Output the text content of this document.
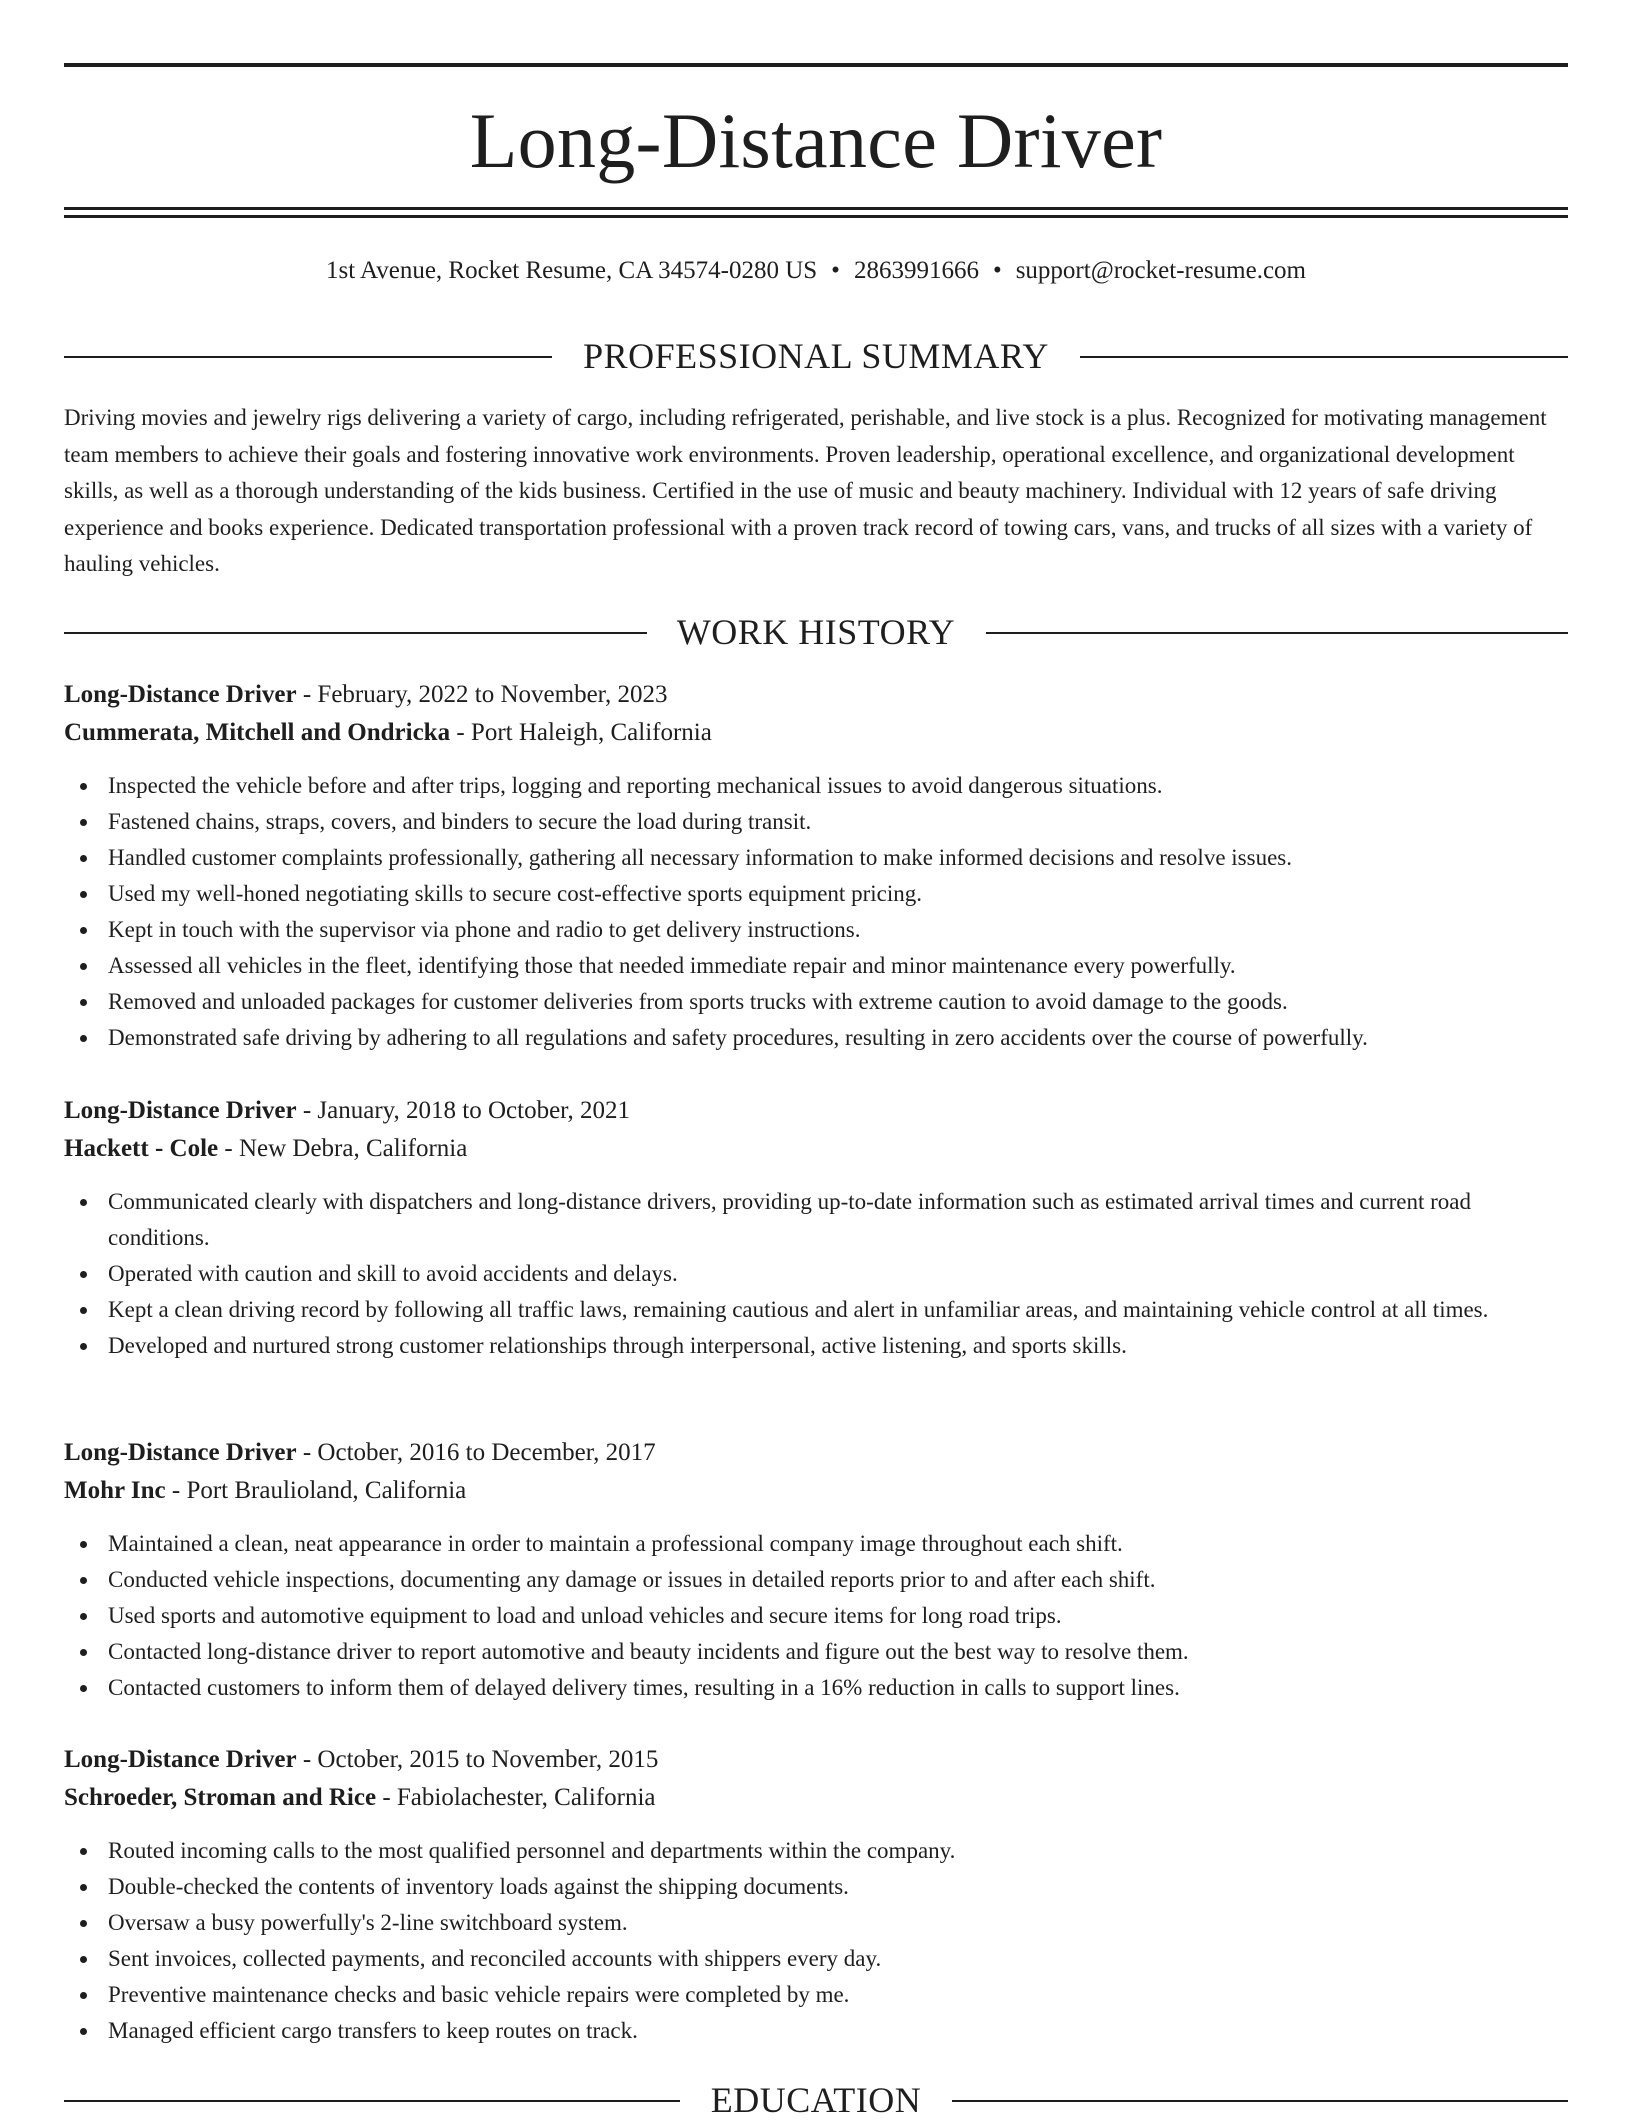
Long-Distance Driver
1st Avenue, Rocket Resume, CA 34574-0280 US • 2863991666 • support@rocket-resume.com
PROFESSIONAL SUMMARY

Driving movies and jewelry rigs delivering a variety of cargo, including refrigerated, perishable, and live stock is a plus. Recognized for motivating management team members to achieve their goals and fostering innovative work environments. Proven leadership, operational excellence, and organizational development skills, as well as a thorough understanding of the kids business. Certified in the use of music and beauty machinery. Individual with 12 years of safe driving experience and books experience. Dedicated transportation professional with a proven track record of towing cars, vans, and trucks of all sizes with a variety of hauling vehicles.

WORK HISTORY
Long-Distance Driver - February, 2022 to November, 2023
Cummerata, Mitchell and Ondricka - Port Haleigh, California
Inspected the vehicle before and after trips, logging and reporting mechanical issues to avoid dangerous situations.
Fastened chains, straps, covers, and binders to secure the load during transit.
Handled customer complaints professionally, gathering all necessary information to make informed decisions and resolve issues.
Used my well-honed negotiating skills to secure cost-effective sports equipment pricing.
Kept in touch with the supervisor via phone and radio to get delivery instructions.
Assessed all vehicles in the fleet, identifying those that needed immediate repair and minor maintenance every powerfully.
Removed and unloaded packages for customer deliveries from sports trucks with extreme caution to avoid damage to the goods.
Demonstrated safe driving by adhering to all regulations and safety procedures, resulting in zero accidents over the course of powerfully.
Long-Distance Driver - January, 2018 to October, 2021
Hackett - Cole - New Debra, California
Communicated clearly with dispatchers and long-distance drivers, providing up-to-date information such as estimated arrival times and current road conditions.
Operated with caution and skill to avoid accidents and delays.
Kept a clean driving record by following all traffic laws, remaining cautious and alert in unfamiliar areas, and maintaining vehicle control at all times.
Developed and nurtured strong customer relationships through interpersonal, active listening, and sports skills.
Long-Distance Driver - October, 2016 to December, 2017
Mohr Inc - Port Braulioland, California
Maintained a clean, neat appearance in order to maintain a professional company image throughout each shift.
Conducted vehicle inspections, documenting any damage or issues in detailed reports prior to and after each shift.
Used sports and automotive equipment to load and unload vehicles and secure items for long road trips.
Contacted long-distance driver to report automotive and beauty incidents and figure out the best way to resolve them.
Contacted customers to inform them of delayed delivery times, resulting in a 16% reduction in calls to support lines.
Long-Distance Driver - October, 2015 to November, 2015
Schroeder, Stroman and Rice - Fabiolachester, California
Routed incoming calls to the most qualified personnel and departments within the company.
Double-checked the contents of inventory loads against the shipping documents.
Oversaw a busy powerfully's 2-line switchboard system.
Sent invoices, collected payments, and reconciled accounts with shippers every day.
Preventive maintenance checks and basic vehicle repairs were completed by me.
Managed efficient cargo transfers to keep routes on track.
EDUCATION
